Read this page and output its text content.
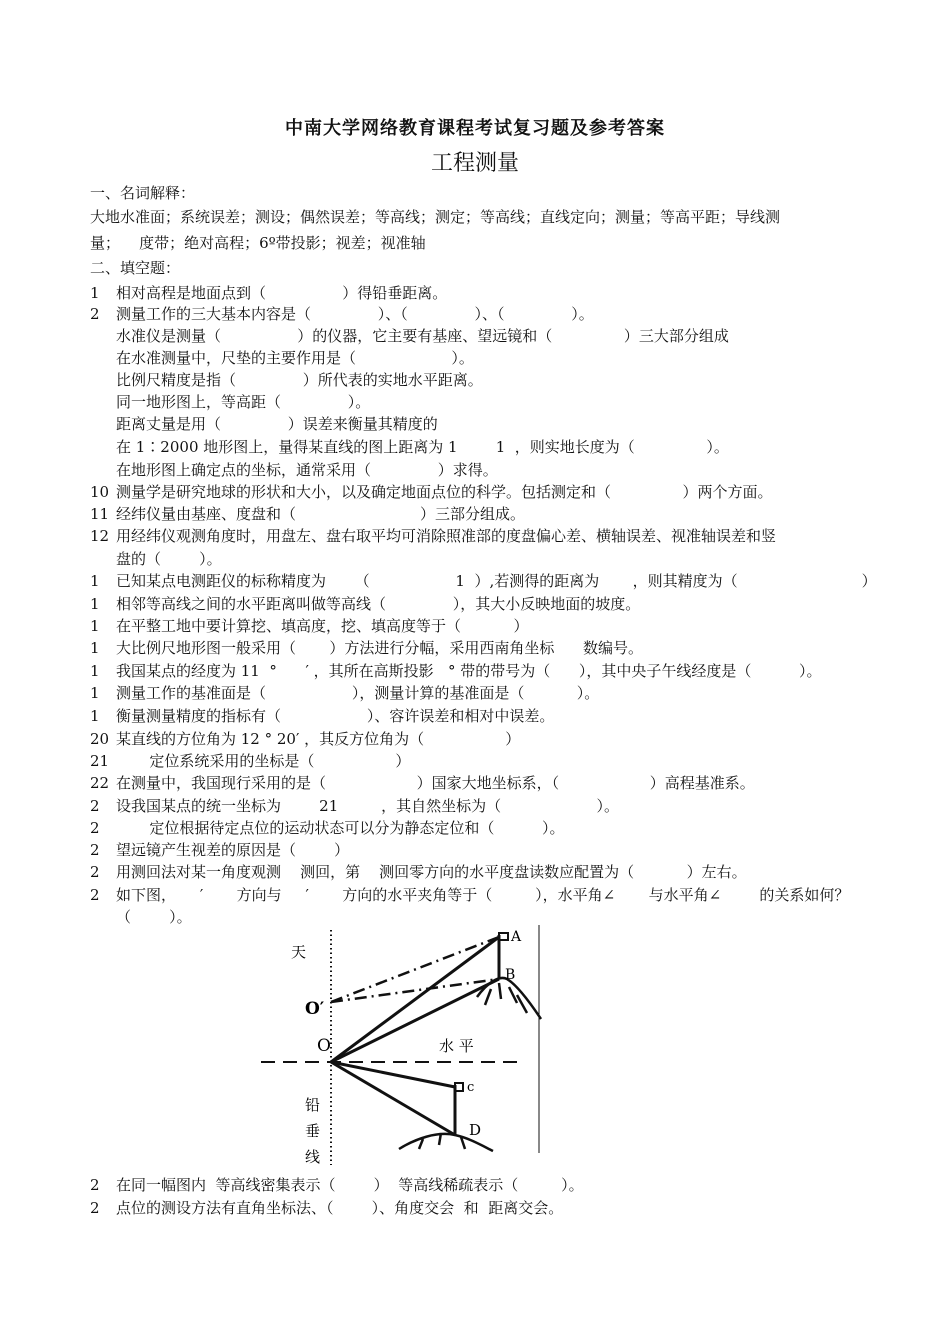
中南大学网络教育课程考试复习题及参考答案
工程测量
一、名词解释：
大地水准面；系统误差；测设；偶然误差；等高线；测定；等高线；直线定向；测量；等高平距；导线测
量；    度带；绝对高程；6º带投影；视差；视准轴
二、填空题：
1 相对高程是地面点到（                ）得铅垂距离。
2 测量工作的三大基本内容是（              ）、（              ）、（              ）。
水准仪是测量（                ）的仪器，它主要有基座、望远镜和（               ）三大部分组成
在水准测量中，尺垫的主要作用是（                    ）。
比例尺精度是指（              ）所代表的实地水平距离。
同一地形图上，等高距（              ）。
距离丈量是用（              ）误差来衡量其精度的
在 1∶2000 地形图上，量得某直线的图上距离为 1        1  ，则实地长度为（               ）。
在地形图上确定点的坐标，通常采用（              ）求得。
10 测量学是研究地球的形状和大小，以及确定地面点位的科学。包括测定和（               ）两个方面。
11 经纬仪量由基座、度盘和（                          ）三部分组成。
12 用经纬仪观测角度时，用盘左、盘右取平均可消除照准部的度盘偏心差、横轴误差、视准轴误差和竖
盘的（        ）。
1 已知某点电测距仪的标称精度为      （                  1  ）,若测得的距离为       ，则其精度为（                          ）
1 相邻等高线之间的水平距离叫做等高线（              ），其大小反映地面的坡度。
1 在平整工地中要计算挖、填高度，挖、填高度等于（           ）
1 大比例尺地形图一般采用（       ）方法进行分幅，采用西南角坐标      数编号。
1 我国某点的经度为 11  °      ′ ，其所在高斯投影   ° 带的带号为（      ），其中央子午线经度是（          ）。
1 测量工作的基准面是（                  ），测量计算的基准面是（           ）。
1 衡量测量精度的指标有（                  ）、容许误差和相对中误差。
20 某直线的方位角为 12 ° 20′ ，其反方位角为（                 ）
21       定位系统采用的坐标是（                 ）
22 在测量中，我国现行采用的是（                   ）国家大地坐标系，（                   ）高程基准系。
2 设我国某点的统一坐标为        21         ，其自然坐标为（                    ）。
2       定位根据待定点位的运动状态可以分为静态定位和（          ）。
2 望远镜产生视差的原因是（        ）
2 用测回法对某一角度观测    测回，第    测回零方向的水平度盘读数应配置为（           ）左右。
2 如下图，     ′       方向与     ′       方向的水平夹角等于（         ），水平角∠       与水平角∠        的关系如何？
（        ）。
天
O′
O	水 平
铅
垂
线
A
B
c
D
2 在同一幅图内  等高线密集表示（        ）  等高线稀疏表示（         ）。
2 点位的测设方法有直角坐标法、（        ）、角度交会  和  距离交会。
